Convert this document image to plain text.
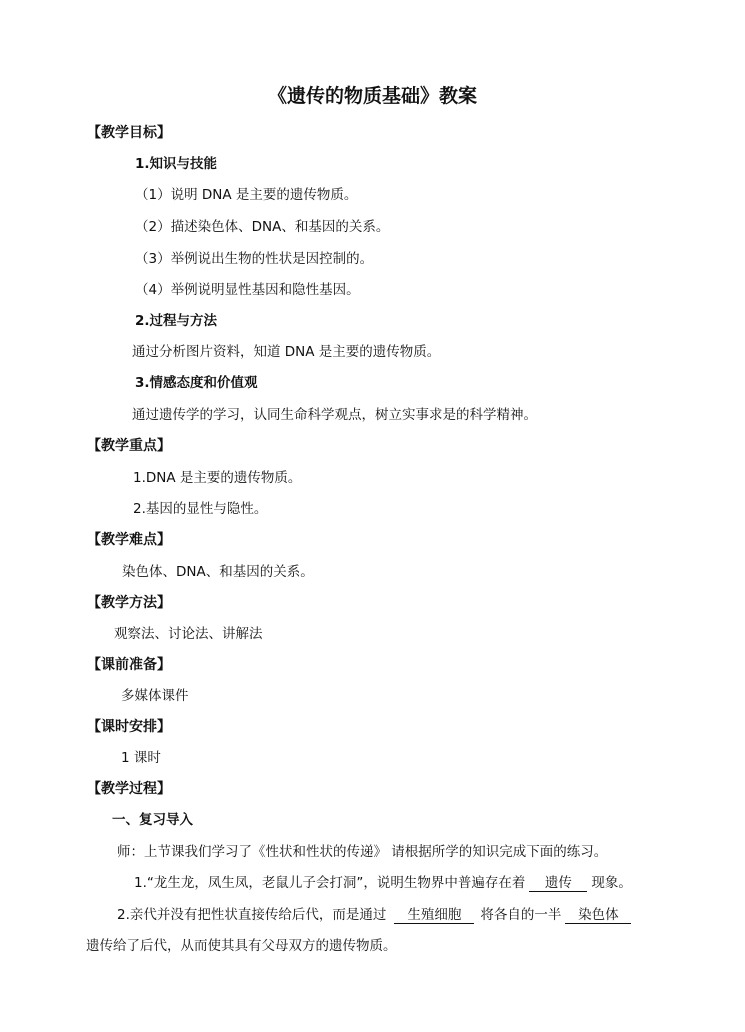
《遗传的物质基础》教案
【教学目标】
1.知识与技能
（1）说明 DNA 是主要的遗传物质。
（2）描述染色体、DNA、和基因的关系。
（3）举例说出生物的性状是因控制的。
（4）举例说明显性基因和隐性基因。
2.过程与方法
通过分析图片资料，知道 DNA 是主要的遗传物质。
3.情感态度和价值观
通过遗传学的学习，认同生命科学观点，树立实事求是的科学精神。
【教学重点】
1.DNA 是主要的遗传物质。
2.基因的显性与隐性。
【教学难点】
染色体、DNA、和基因的关系。
【教学方法】
观察法、讨论法、讲解法
【课前准备】
多媒体课件
【课时安排】
1 课时
【教学过程】
一、复习导入
师：上节课我们学习了《性状和性状的传递》 请根据所学的知识完成下面的练习。
1.“龙生龙，凤生凤，老鼠儿子会打洞”，说明生物界中普遍存在着 遗传 现象。
2.亲代并没有把性状直接传给后代，而是通过 生殖细胞 将各自的一半 染色体
遗传给了后代，从而使其具有父母双方的遗传物质。
